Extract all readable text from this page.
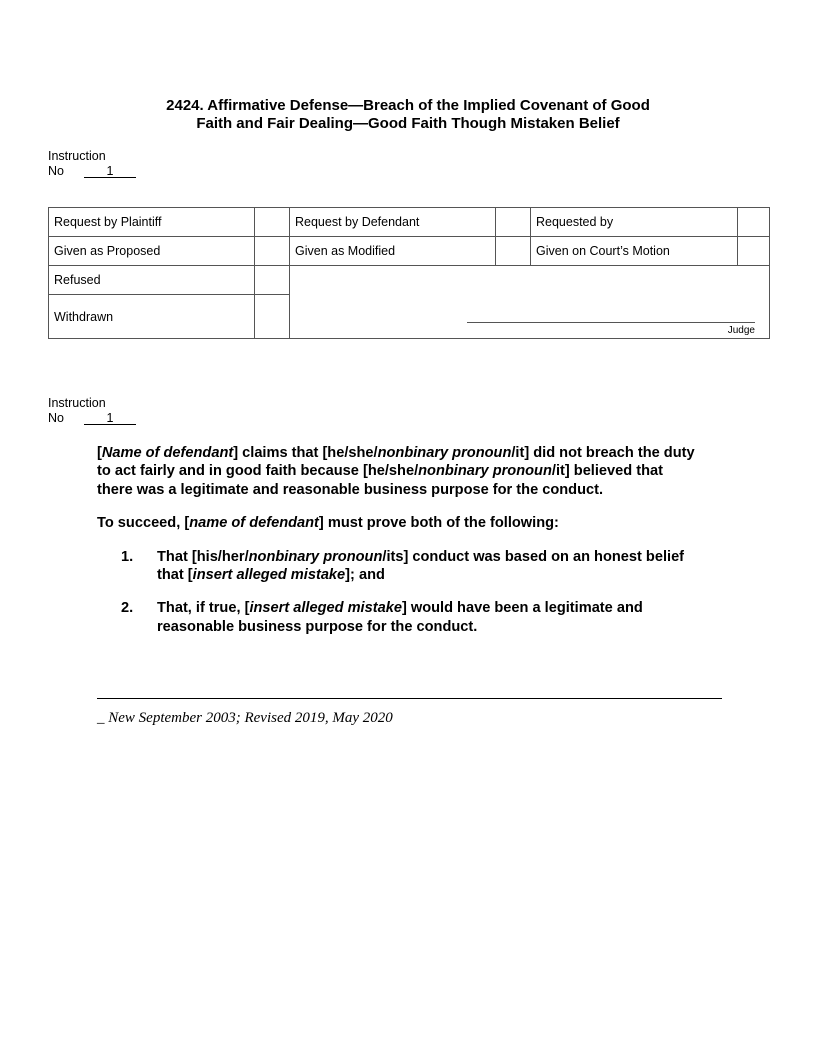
2424. Affirmative Defense—Breach of the Implied Covenant of Good
Faith and Fair Dealing—Good Faith Though Mistaken Belief
Instruction
No	1
Request by Plaintiff		Request by Defendant		Requested by	
Given as Proposed		Given as Modified		Given on Court’s Motion	
Refused		Judge			

Withdrawn					
Instruction
No	1

[Name of defendant] claims that [he/she/nonbinary pronoun/it] did not breach the duty to act fairly and in good faith because [he/she/nonbinary pronoun/it] believed that there was a legitimate and reasonable business purpose for the conduct.

To succeed, [name of defendant] must prove both of the following:

1.	That [his/her/nonbinary pronoun/its] conduct was based on an honest belief that [insert alleged mistake]; and
2.	That, if true, [insert alleged mistake] would have been a legitimate and reasonable business purpose for the conduct.
_ New September 2003; Revised 2019, May 2020
